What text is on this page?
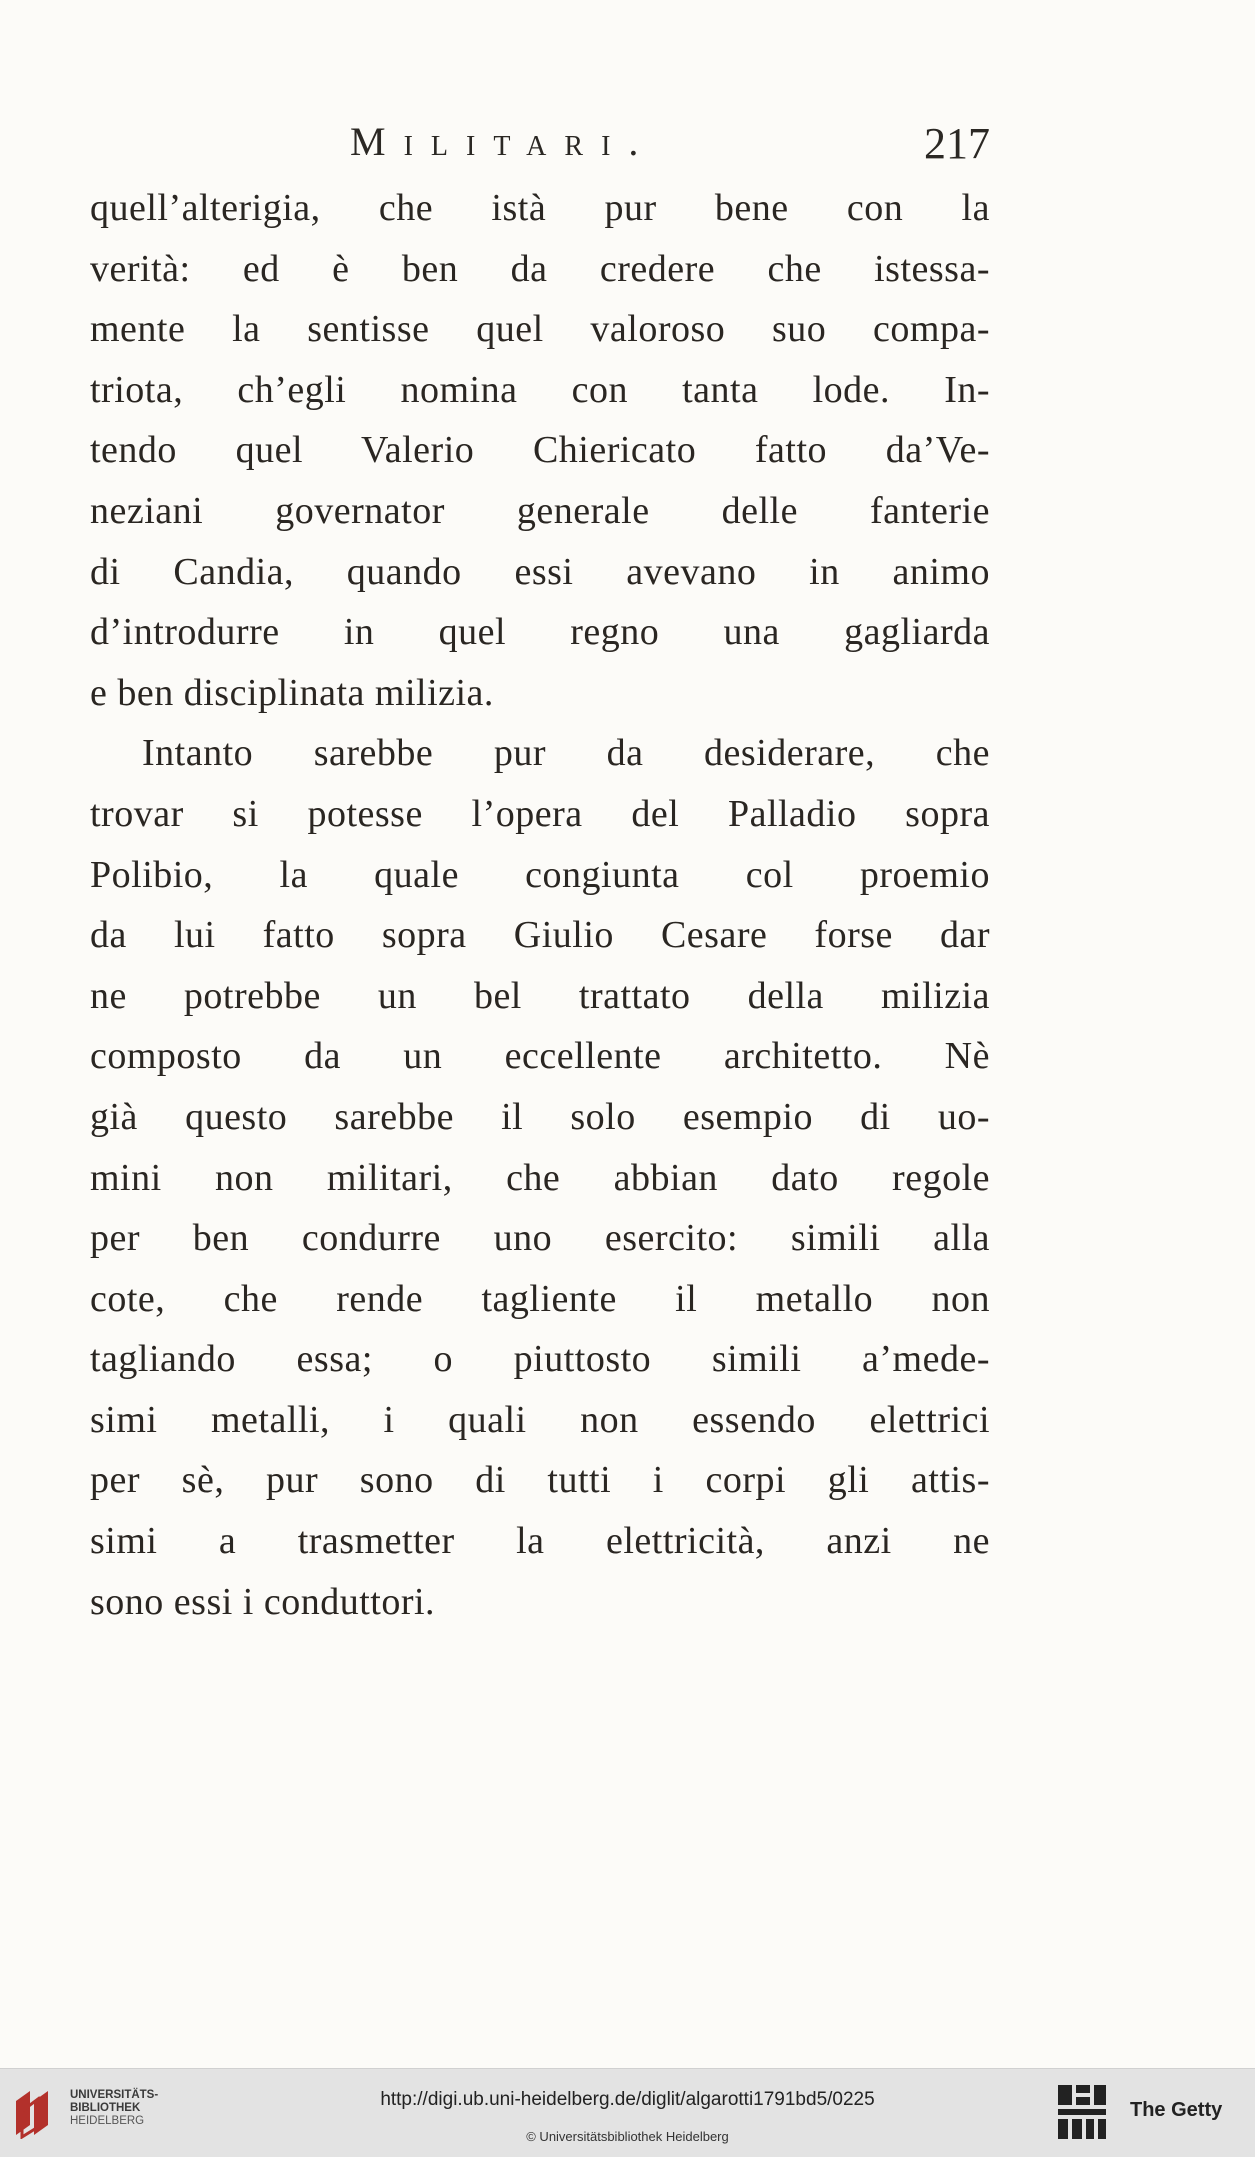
Militari.	217
quell’alterigia, che istà pur bene con la
verità: ed è ben da credere che istessa-
mente la sentisse quel valoroso suo compa-
triota, ch’egli nomina con tanta lode. In-
tendo quel Valerio Chiericato fatto da’Ve-
neziani governator generale delle fanterie
di Candia, quando essi avevano in animo
d’introdurre in quel regno una gagliarda
e ben disciplinata milizia.
Intanto sarebbe pur da desiderare, che
trovar si potesse l’opera del Palladio sopra
Polibio, la quale congiunta col proemio
da lui fatto sopra Giulio Cesare forse dar
ne potrebbe un bel trattato della milizia
composto da un eccellente architetto. Nè
già questo sarebbe il solo esempio di uo-
mini non militari, che abbian dato regole
per ben condurre uno esercito: simili alla
cote, che rende tagliente il metallo non
tagliando essa; o piuttosto simili a’mede-
simi metalli, i quali non essendo elettrici
per sè, pur sono di tutti i corpi gli attis-
simi a trasmetter la elettricità, anzi ne
sono essi i conduttori.
UNIVERSITÄTS-
BIBLIOTHEK
HEIDELBERG
http://digi.ub.uni-heidelberg.de/diglit/algarotti1791bd5/0225
© Universitätsbibliothek Heidelberg
The Getty
